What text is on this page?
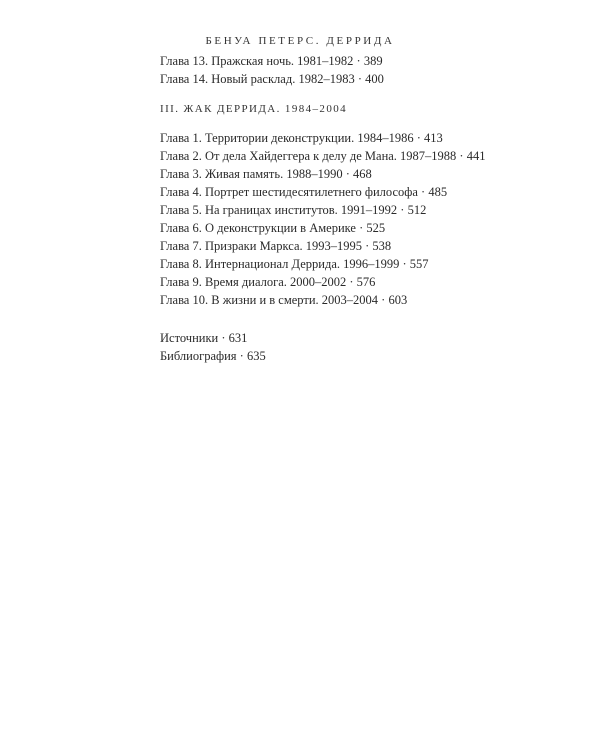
БЕНУА ПЕТЕРС. ДЕРРИДА
Глава 13. Пражская ночь. 1981–1982 · 389
Глава 14. Новый расклад. 1982–1983 · 400
III. ЖАК ДЕРРИДА. 1984–2004
Глава 1. Территории деконструкции. 1984–1986 · 413
Глава 2. От дела Хайдеггера к делу де Мана. 1987–1988 · 441
Глава 3. Живая память. 1988–1990 · 468
Глава 4. Портрет шестидесятилетнего философа · 485
Глава 5. На границах институтов. 1991–1992 · 512
Глава 6. О деконструкции в Америке · 525
Глава 7. Призраки Маркса. 1993–1995 · 538
Глава 8. Интернационал Деррида. 1996–1999 · 557
Глава 9. Время диалога. 2000–2002 · 576
Глава 10. В жизни и в смерти. 2003–2004 · 603
Источники · 631
Библиография · 635
